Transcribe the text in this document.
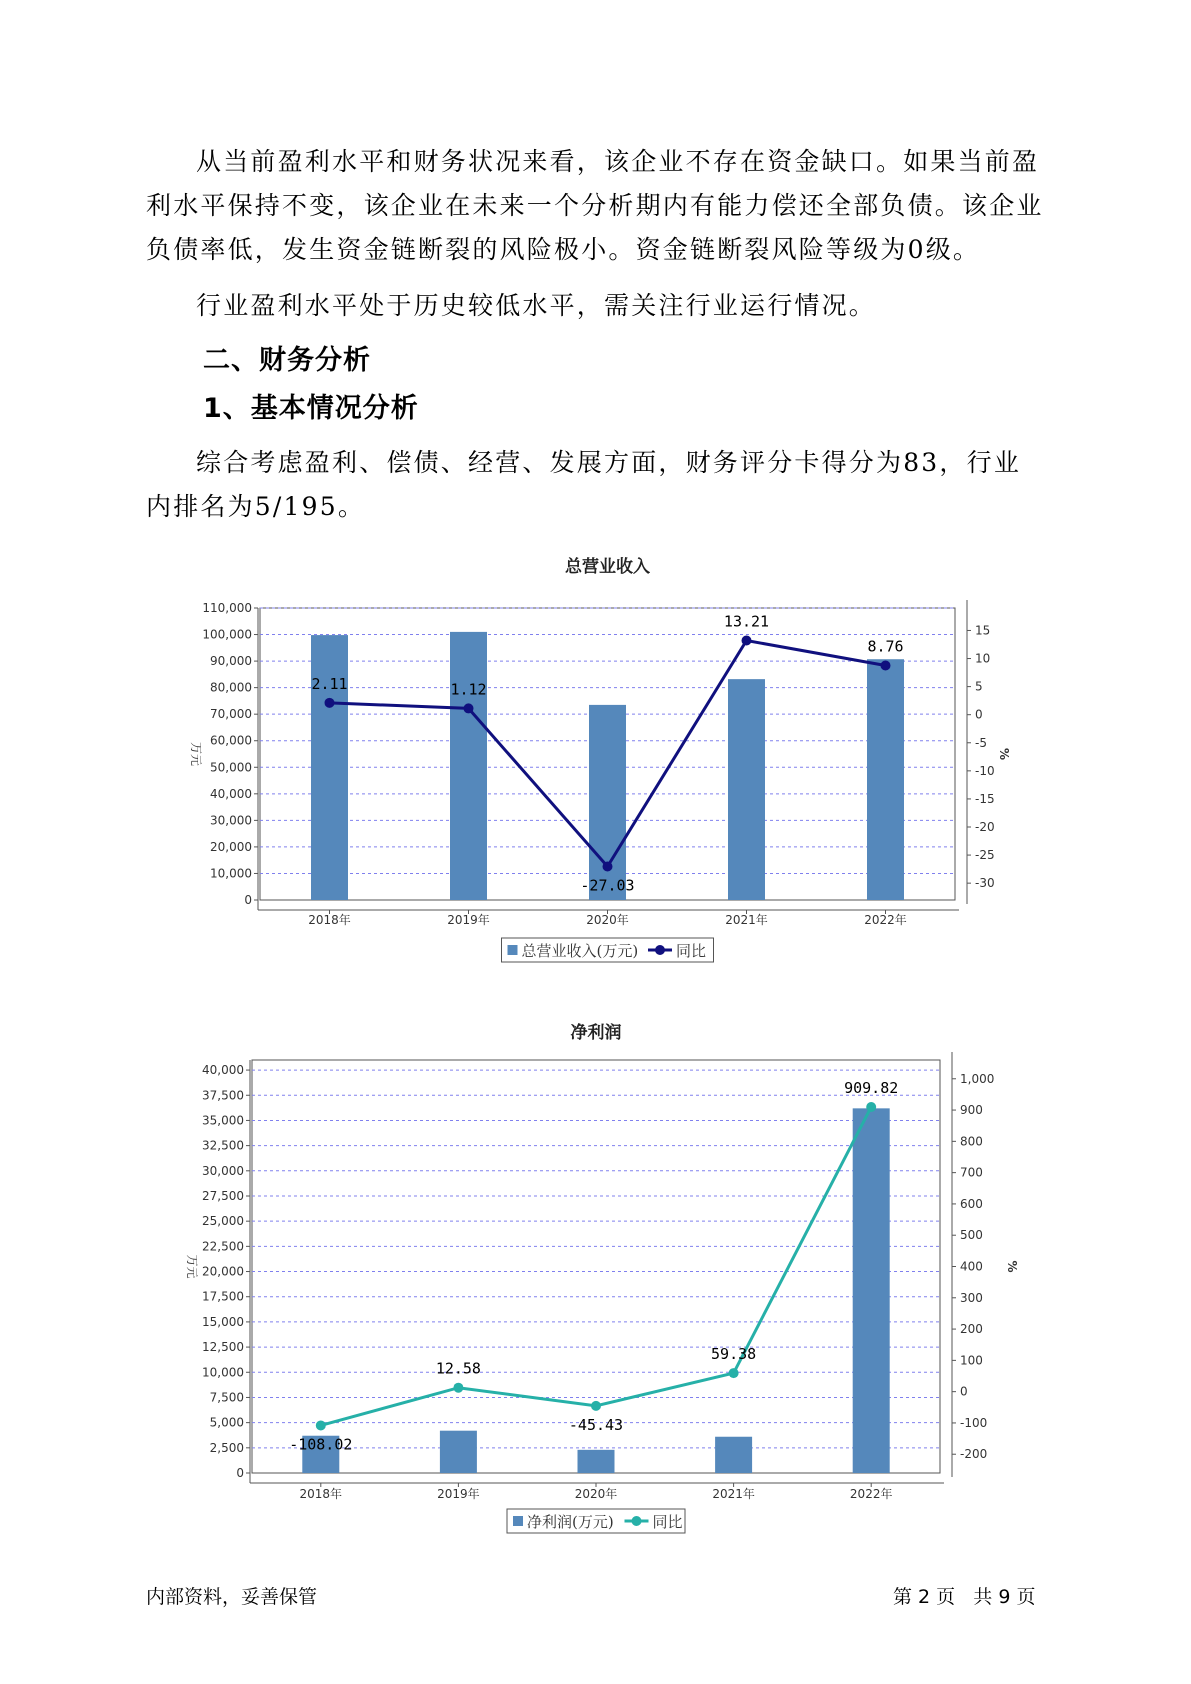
从当前盈利水平和财务状况来看，该企业不存在资金缺口。如果当前盈利水平保持不变，该企业在未来一个分析期内有能力偿还全部负债。该企业负债率低，发生资金链断裂的风险极小。资金链断裂风险等级为0级。

行业盈利水平处于历史较低水平，需关注行业运行情况。

二、财务分析
1、基本情况分析

综合考虑盈利、偿债、经营、发展方面，财务评分卡得分为83，行业内排名为5/195。

总营业收入
0
10,000
20,000
30,000
40,000
50,000
60,000
70,000
80,000
90,000
100,000
110,000
-30
-25
-20
-15
-10
-5
0
5
10
15
万元	%
2018年	2019年	2020年	2021年	2022年
2.11	1.12
-27.03
13.21
8.76
总营业收入(万元)	同比
净利润
0
2,500
5,000
7,500
10,000
12,500
15,000
17,500
20,000
22,500
25,000
27,500
30,000
32,500
35,000
37,500
40,000
-200
-100
0
100
200
300
400
500
600
700
800
900
1,000
万元	%
2018年	2019年	2020年	2021年	2022年
-108.02
12.58
-45.43
59.38
909.82
净利润(万元)	同比
内部资料，妥善保管	第 2 页   共 9 页
